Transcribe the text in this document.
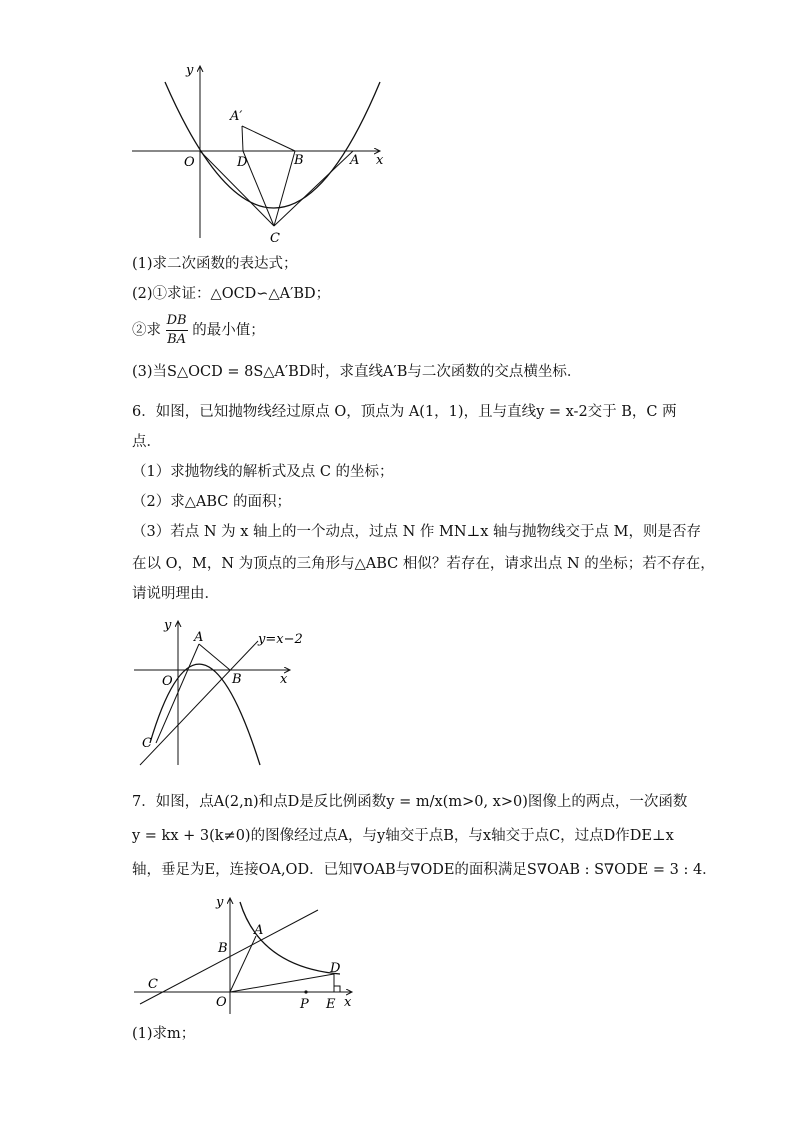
y
x
O
A′
D	B	A
C
(1)求二次函数的表达式；
(2)①求证：△OCD∽△A′BD；
②求 $\frac{DB}{BA}$ 的最小值；
(3)当S△OCD = 8S△A′BD时，求直线A′B与二次函数的交点横坐标．
6．如图，已知抛物线经过原点 O，顶点为 A(1，1)，且与直线y = x-2交于 B，C 两
点．
（1）求抛物线的解析式及点 C 的坐标；
（2）求△ABC 的面积；
（3）若点 N 为 x 轴上的一个动点，过点 N 作 MN⊥x 轴与抛物线交于点 M，则是否存
在以 O，M，N 为顶点的三角形与△ABC 相似？若存在，请求出点 N 的坐标；若不存在，
请说明理由．
y
x
O
A
B
C
y=x−2
7．如图，点A(2,n)和点D是反比例函数y = m/x(m>0, x>0)图像上的两点，一次函数
y = kx + 3(k≠0)的图像经过点A，与y轴交于点B，与x轴交于点C，过点D作DE⊥x
轴，垂足为E，连接OA,OD．已知∇OAB与∇ODE的面积满足S∇OAB : S∇ODE = 3 : 4．
y
x
O
A
B
C
D
P E
(1)求m；
